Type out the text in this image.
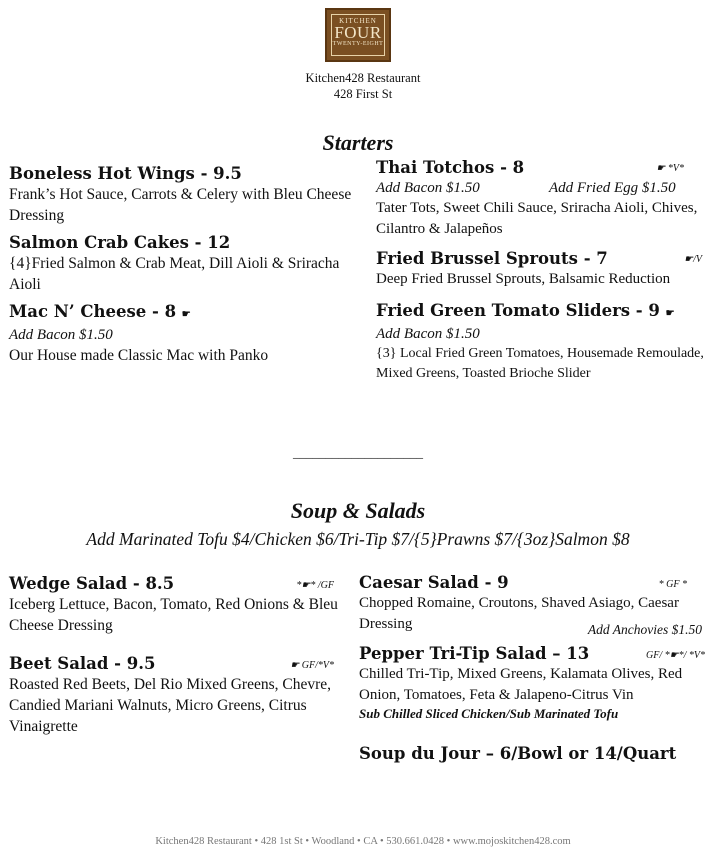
KITCHEN
FOUR
TWENTY-EIGHT
Kitchen428 Restaurant
428 First St
Starters
Boneless Hot Wings - 9.5
Frank’s Hot Sauce, Carrots & Celery with Bleu Cheese Dressing
Salmon Crab Cakes - 12
{4}Fried Salmon & Crab Meat, Dill Aioli & Sriracha Aioli
Mac N’ Cheese - 8 ☛
Add Bacon $1.50
Our House made Classic Mac with Panko
Thai Totchos - 8	☛ *V*
Add Bacon $1.50	Add Fried Egg $1.50
Tater Tots, Sweet Chili Sauce, Sriracha Aioli, Chives, Cilantro & Jalapeños
Fried Brussel Sprouts - 7	☛/V
Deep Fried Brussel Sprouts, Balsamic Reduction
Fried Green Tomato Sliders - 9 ☛
Add Bacon $1.50
{3} Local Fried Green Tomatoes, Housemade Remoulade, Mixed Greens, Toasted Brioche Slider
____________________
Soup & Salads
Add Marinated Tofu $4/Chicken $6/Tri-Tip $7/{5}Prawns $7/{3oz}Salmon $8
Wedge Salad - 8.5	*☛* /GF
Iceberg Lettuce, Bacon, Tomato, Red Onions & Bleu Cheese Dressing
Beet Salad - 9.5	☛ GF/*V*
Roasted Red Beets, Del Rio Mixed Greens, Chevre, Candied Mariani Walnuts, Micro Greens, Citrus Vinaigrette
Caesar Salad - 9	* GF *
Chopped Romaine, Croutons, Shaved Asiago, Caesar Dressing	Add Anchovies $1.50
Pepper Tri-Tip Salad – 13	GF/ *☛*/ *V*
Chilled Tri-Tip, Mixed Greens, Kalamata Olives, Red Onion, Tomatoes, Feta & Jalapeno-Citrus Vin
Sub Chilled Sliced Chicken/Sub Marinated Tofu
Soup du Jour – 6/Bowl or 14/Quart
Kitchen428 Restaurant • 428 1st St • Woodland • CA • 530.661.0428 • www.mojoskitchen428.com
